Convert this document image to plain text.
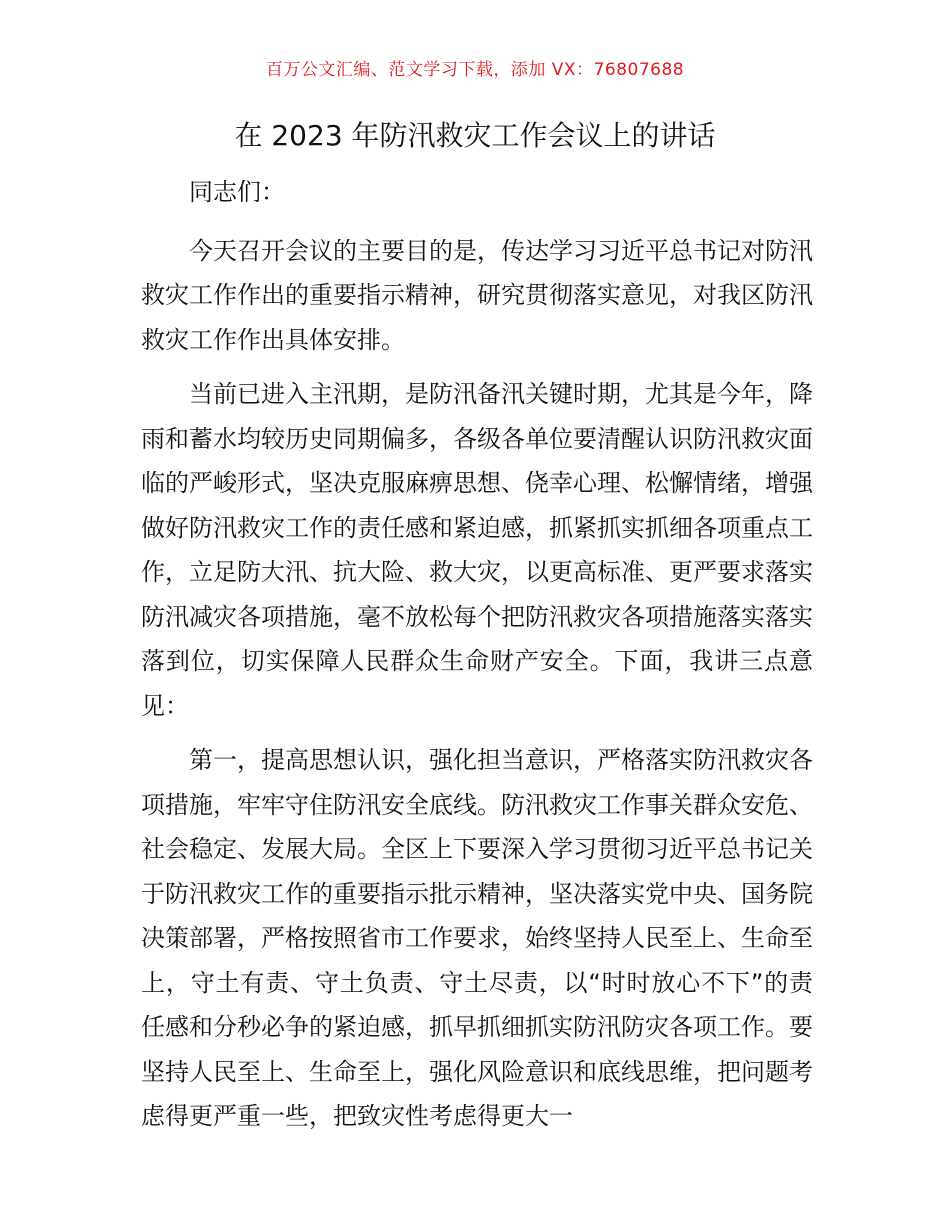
百万公文汇编、范文学习下载，添加 VX：76807688
在 2023 年防汛救灾工作会议上的讲话

同志们：

今天召开会议的主要目的是，传达学习习近平总书记对防汛救灾工作作出的重要指示精神，研究贯彻落实意见，对我区防汛救灾工作作出具体安排。

当前已进入主汛期，是防汛备汛关键时期，尤其是今年，降雨和蓄水均较历史同期偏多，各级各单位要清醒认识防汛救灾面临的严峻形式，坚决克服麻痹思想、侥幸心理、松懈情绪，增强做好防汛救灾工作的责任感和紧迫感，抓紧抓实抓细各项重点工作，立足防大汛、抗大险、救大灾，以更高标准、更严要求落实防汛减灾各项措施，毫不放松每个把防汛救灾各项措施落实落实落到位，切实保障人民群众生命财产安全。下面，我讲三点意见：

第一，提高思想认识，强化担当意识，严格落实防汛救灾各项措施，牢牢守住防汛安全底线。防汛救灾工作事关群众安危、社会稳定、发展大局。全区上下要深入学习贯彻习近平总书记关于防汛救灾工作的重要指示批示精神，坚决落实党中央、国务院决策部署，严格按照省市工作要求，始终坚持人民至上、生命至上，守土有责、守土负责、守土尽责，以“时时放心不下”的责任感和分秒必争的紧迫感，抓早抓细抓实防汛防灾各项工作。要坚持人民至上、生命至上，强化风险意识和底线思维，把问题考虑得更严重一些，把致灾性考虑得更大一
